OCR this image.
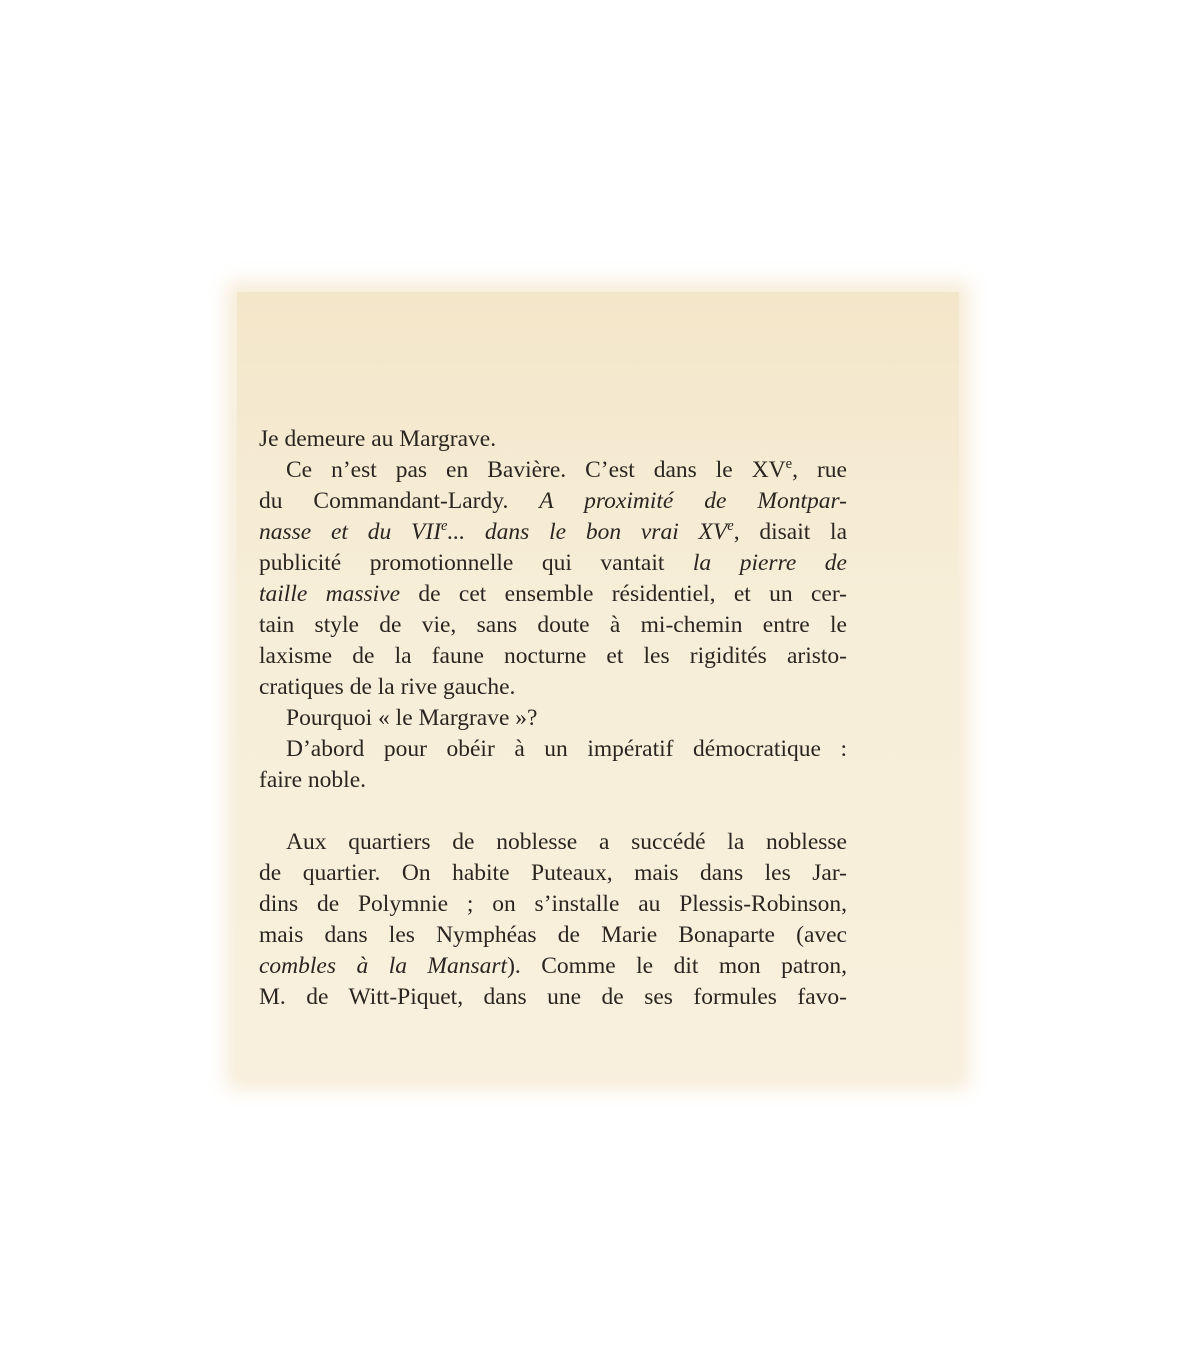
Je demeure au Margrave.

Ce n’est pas en Bavière. C’est dans le XVe, rue
du Commandant-Lardy. A proximité de Montpar-
nasse et du VIIe... dans le bon vrai XVe, disait la
publicité promotionnelle qui vantait la pierre de
taille massive de cet ensemble résidentiel, et un cer-
tain style de vie, sans doute à mi-chemin entre le
laxisme de la faune nocturne et les rigidités aristo-
cratiques de la rive gauche.

Pourquoi « le Margrave »?

D’abord pour obéir à un impératif démocratique :
faire noble.

Aux quartiers de noblesse a succédé la noblesse
de quartier. On habite Puteaux, mais dans les Jar-
dins de Polymnie ; on s’installe au Plessis-Robinson,
mais dans les Nymphéas de Marie Bonaparte (avec
combles à la Mansart). Comme le dit mon patron,
M. de Witt-Piquet, dans une de ses formules favo-
